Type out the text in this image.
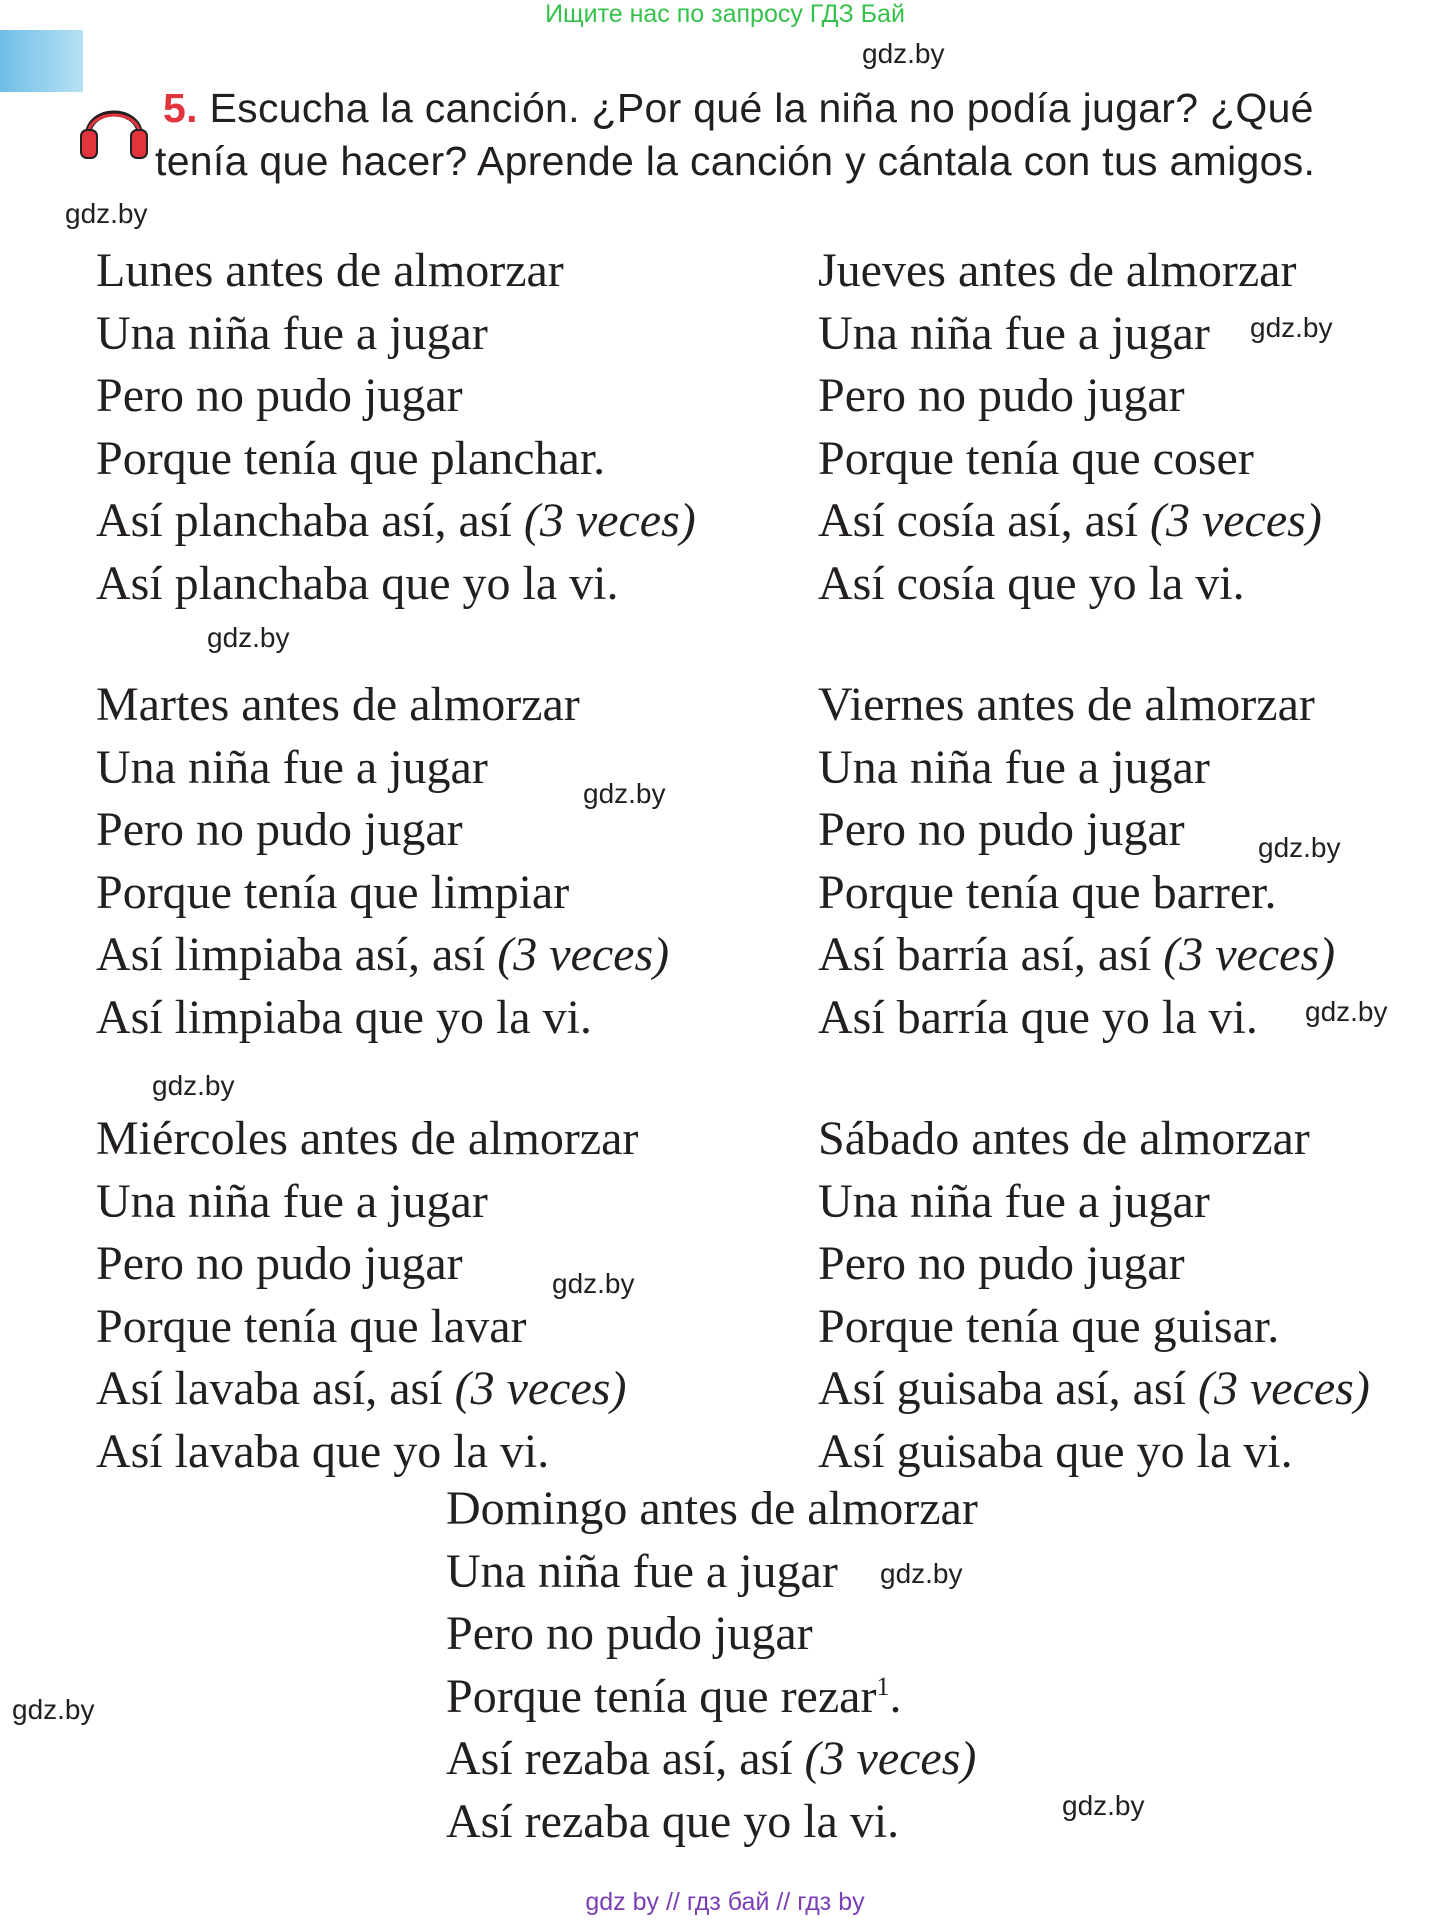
Ищите нас по запросу ГДЗ Бай
5. Escucha la canción. ¿Por qué la niña no podía jugar? ¿Qué tenía que hacer? Aprende la canción y cántala con tus amigos.
gdz.by
gdz.by
Lunes antes de almorzar
Una niña fue a jugar
Pero no pudo jugar
Porque tenía que planchar.
Así planchaba así, así (3 veces)
Así planchaba que yo la vi.
Jueves antes de almorzar
Una niña fue a jugar
Pero no pudo jugar
Porque tenía que coser
Así cosía así, así (3 veces)
Así cosía que yo la vi.
gdz.by
gdz.by
Martes antes de almorzar
Una niña fue a jugar
Pero no pudo jugar
Porque tenía que limpiar
Así limpiaba así, así (3 veces)
Así limpiaba que yo la vi.
gdz.by
Viernes antes de almorzar
Una niña fue a jugar
Pero no pudo jugar
Porque tenía que barrer.
Así barría así, así (3 veces)
Así barría que yo la vi.
gdz.by
gdz.by
gdz.by
Miércoles antes de almorzar
Una niña fue a jugar
Pero no pudo jugar
Porque tenía que lavar
Así lavaba así, así (3 veces)
Así lavaba que yo la vi.
gdz.by
Sábado antes de almorzar
Una niña fue a jugar
Pero no pudo jugar
Porque tenía que guisar.
Así guisaba así, así (3 veces)
Así guisaba que yo la vi.
Domingo antes de almorzar
Una niña fue a jugar
Pero no pudo jugar
Porque tenía que rezar$^1$.
Así rezaba así, así (3 veces)
Así rezaba que yo la vi.
gdz.by
gdz.by
gdz.by
gdz by // гдз бай // гдз by
